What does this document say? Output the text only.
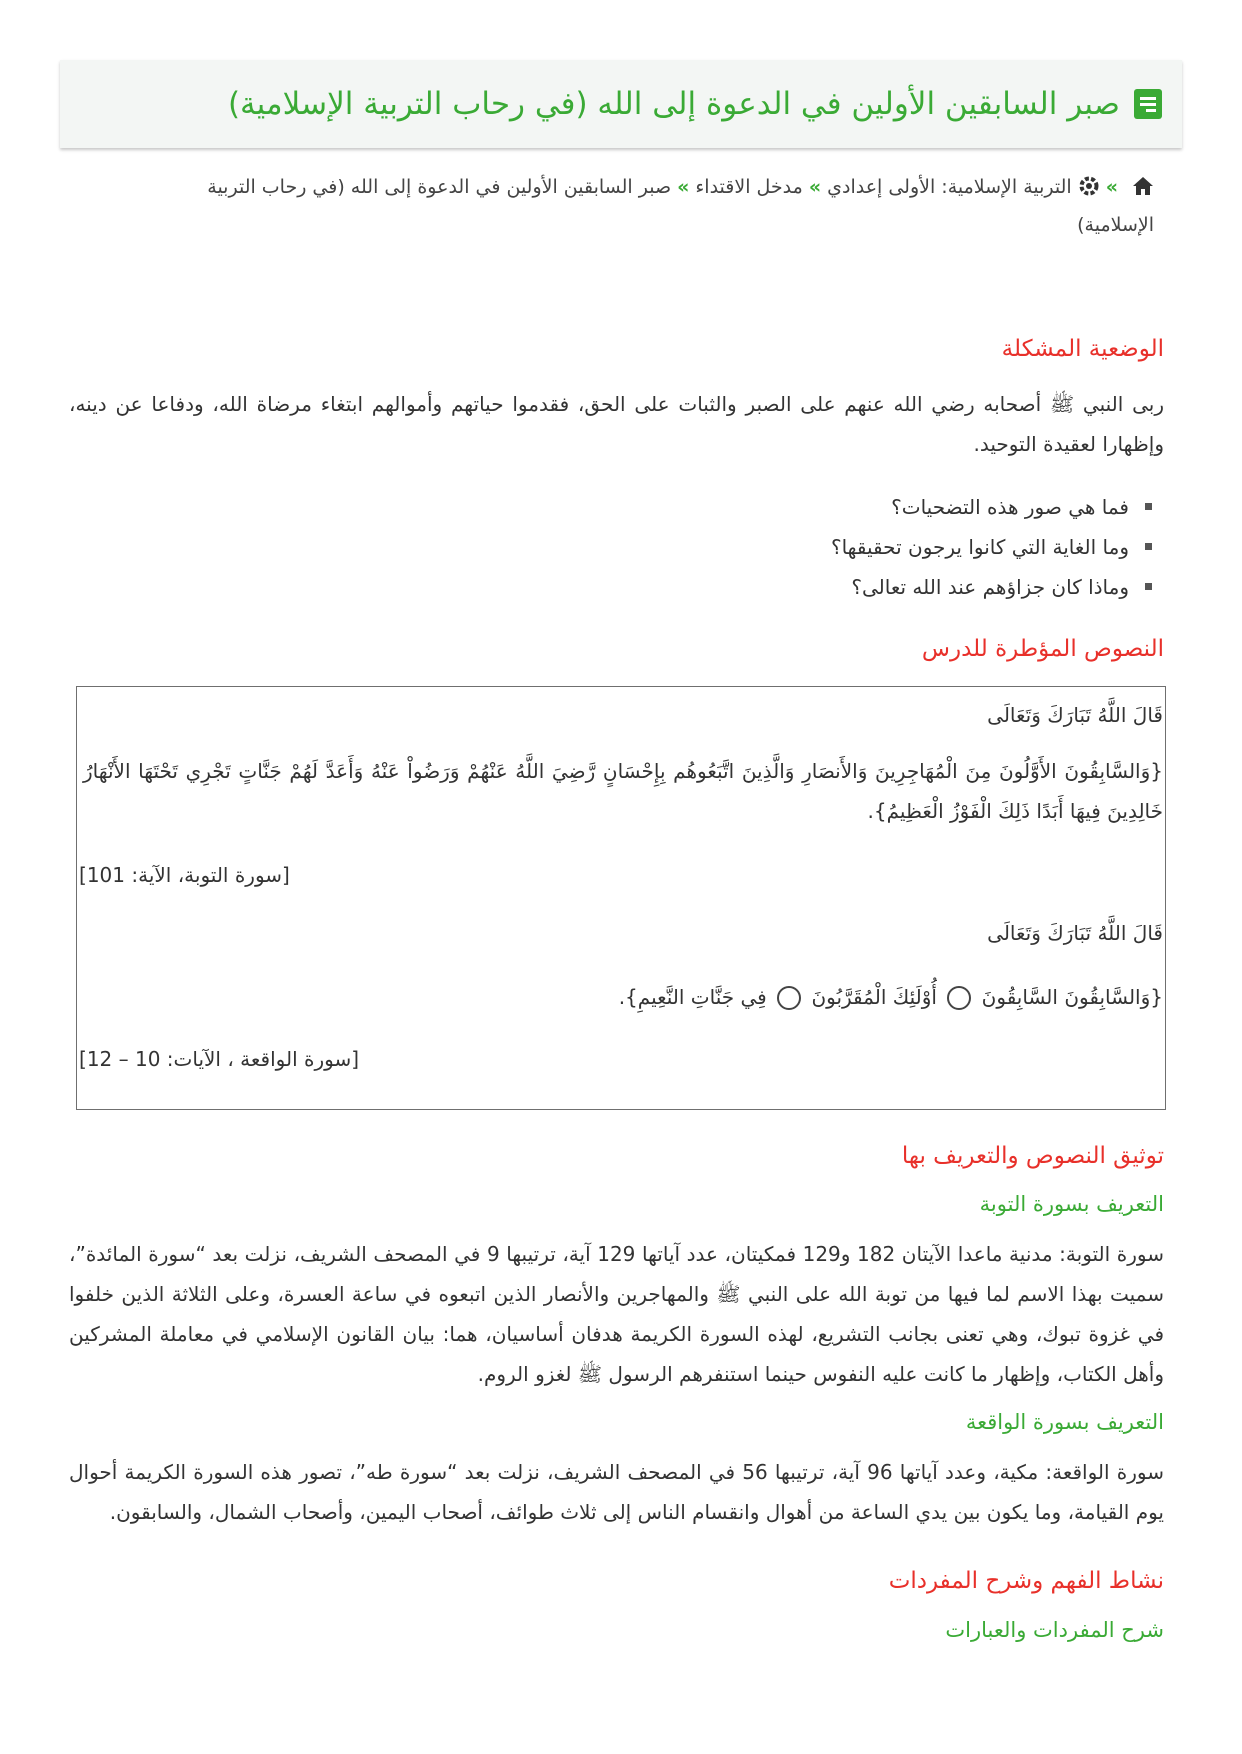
صبر السابقين الأولين في الدعوة إلى الله (في رحاب التربية الإسلامية)
»التربية الإسلامية: الأولى إعدادي»مدخل الاقتداء»صبر السابقين الأولين في الدعوة إلى الله (في رحاب التربية الإسلامية)
الوضعية المشكلة

ربى النبي ﷺ أصحابه رضي الله عنهم على الصبر والثبات على الحق، فقدموا حياتهم وأموالهم ابتغاء مرضاة الله، ودفاعا عن دينه، وإظهارا لعقيدة التوحيد.

فما هي صور هذه التضحيات؟
وما الغاية التي كانوا يرجون تحقيقها؟
وماذا كان جزاؤهم عند الله تعالى؟
النصوص المؤطرة للدرس

قَالَ اللَّهُ تَبَارَكَ وَتَعَالَى

{وَالسَّابِقُونَ الأَوَّلُونَ مِنَ الْمُهَاجِرِينَ وَالأَنصَارِ وَالَّذِينَ اتَّبَعُوهُم بِإِحْسَانٍ رَّضِيَ اللَّهُ عَنْهُمْ وَرَضُواْ عَنْهُ وَأَعَدَّ لَهُمْ جَنَّاتٍ تَجْرِي تَحْتَهَا الأَنْهَارُ خَالِدِينَ فِيهَا أَبَدًا ذَلِكَ الْفَوْزُ الْعَظِيمُ}.

[سورة التوبة، الآية: 101]

قَالَ اللَّهُ تَبَارَكَ وَتَعَالَى

{وَالسَّابِقُونَ السَّابِقُونَ  أُوْلَئِكَ الْمُقَرَّبُونَ  فِي جَنَّاتِ النَّعِيمِ}.

[سورة الواقعة ، الآيات: 10 – 12]

توثيق النصوص والتعريف بها
التعريف بسورة التوبة

سورة التوبة: مدنية ماعدا الآيتان 182 و129 فمكيتان، عدد آياتها 129 آية، ترتيبها 9 في المصحف الشريف، نزلت بعد “سورة المائدة”، سميت بهذا الاسم لما فيها من توبة الله على النبي ﷺ والمهاجرين والأنصار الذين اتبعوه في ساعة العسرة، وعلى الثلاثة الذين خلفوا في غزوة تبوك، وهي تعنى بجانب التشريع، لهذه السورة الكريمة هدفان أساسيان، هما: بيان القانون الإسلامي في معاملة المشركين وأهل الكتاب، وإظهار ما كانت عليه النفوس حينما استنفرهم الرسول ﷺ لغزو الروم.

التعريف بسورة الواقعة

سورة الواقعة: مكية، وعدد آياتها 96 آية، ترتيبها 56 في المصحف الشريف، نزلت بعد “سورة طه”، تصور هذه السورة الكريمة أحوال يوم القيامة، وما يكون بين يدي الساعة من أهوال وانقسام الناس إلى ثلاث طوائف، أصحاب اليمين، وأصحاب الشمال، والسابقون.

نشاط الفهم وشرح المفردات
شرح المفردات والعبارات
